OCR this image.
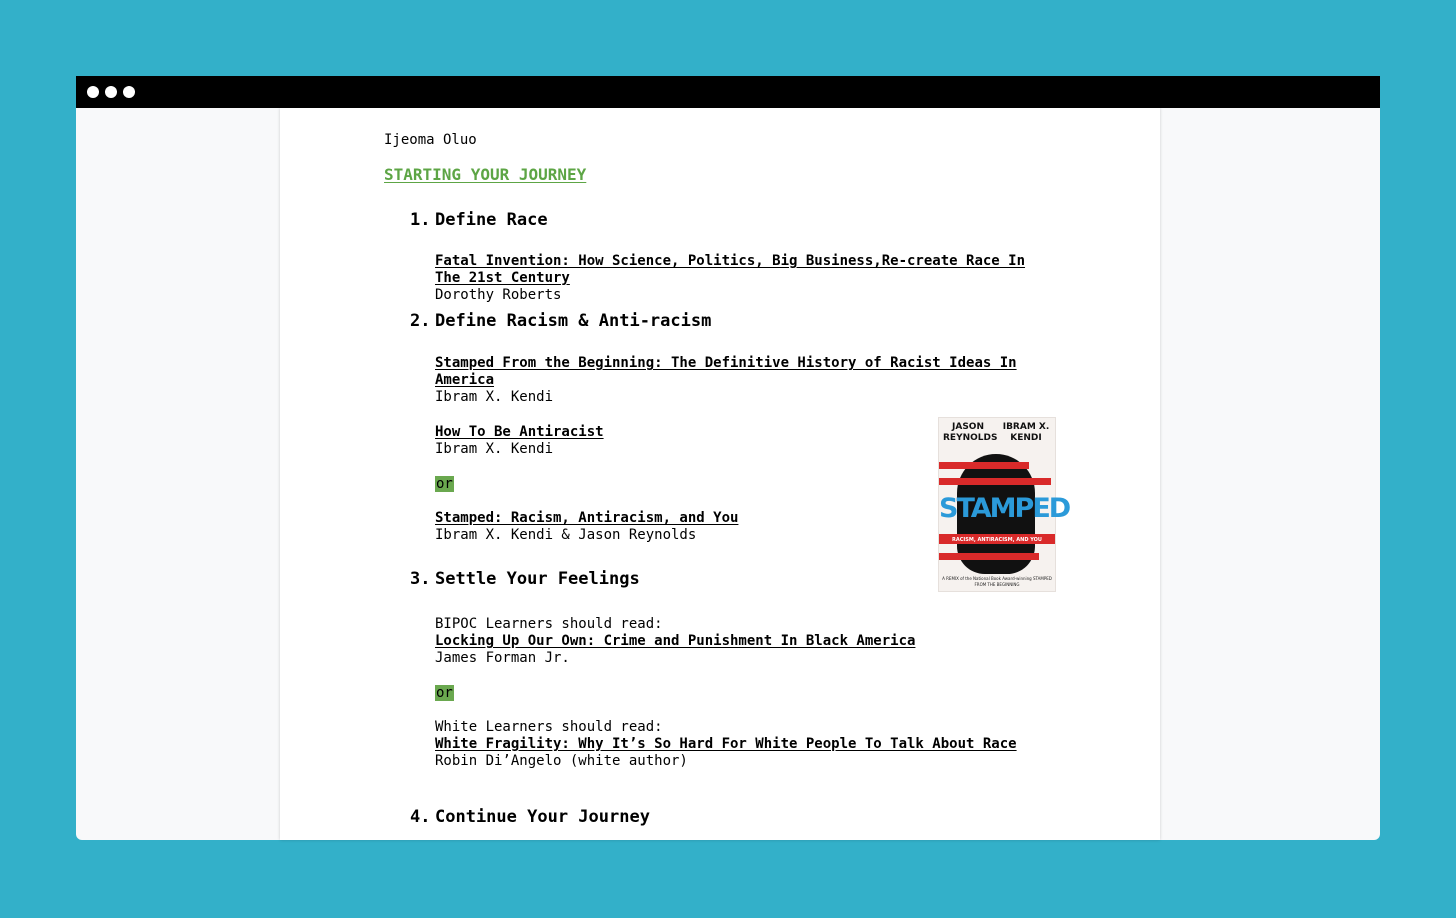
Ijeoma Oluo
STARTING YOUR JOURNEY
1. Define Race
Fatal Invention: How Science, Politics, Big Business,Re-create Race In
The 21st Century
Dorothy Roberts
2. Define Racism & Anti-racism
Stamped From the Beginning: The Definitive History of Racist Ideas In
America
Ibram X. Kendi
How To Be Antiracist
Ibram X. Kendi
or
Stamped: Racism, Antiracism, and You
Ibram X. Kendi & Jason Reynolds
3. Settle Your Feelings
BIPOC Learners should read:
Locking Up Our Own: Crime and Punishment In Black America
James Forman Jr.
or
White Learners should read:
White Fragility: Why It’s So Hard For White People To Talk About Race
Robin Di’Angelo (white author)
4. Continue Your Journey
JASON REYNOLDS
IBRAM X. KENDI
STAMPED
RACISM, ANTIRACISM, AND YOU
A REMIX of the National Book Award-winning STAMPED FROM THE BEGINNING
